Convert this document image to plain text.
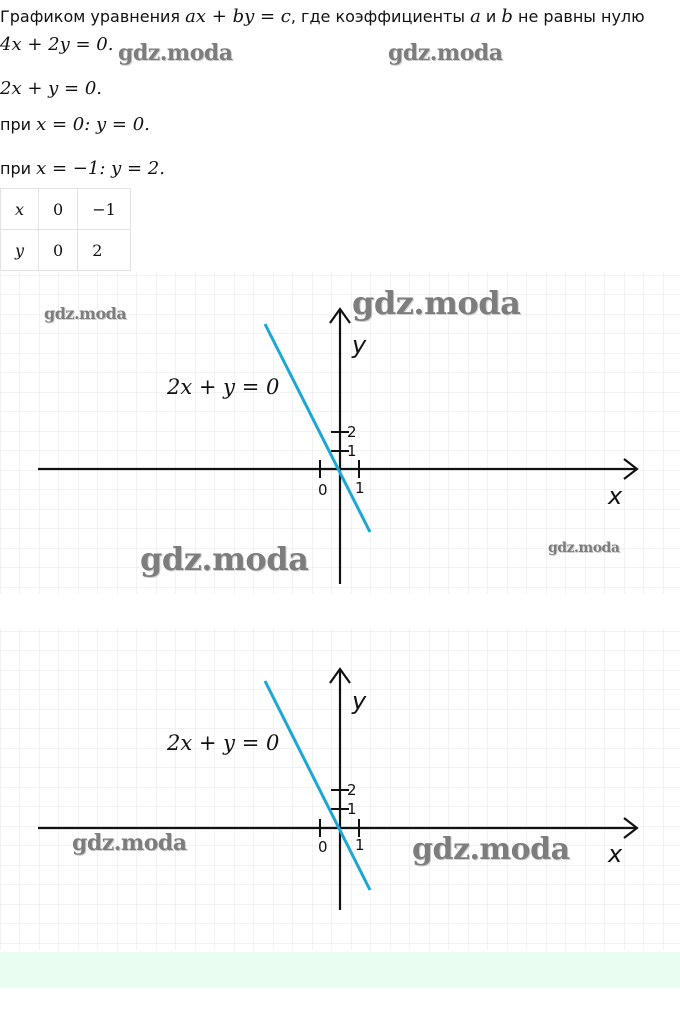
Графиком уравнения ax + by = c, где коэффициенты a и b не равны нулю
4x + 2y = 0. gdz.moda	gdz.moda
2x + y = 0.
при x = 0: y = 0.
при x = −1: y = 2.
x	0	−1
y	0	2
2x + y = 0
y
x
0 1
1
2
gdz.moda	gdz.moda
gdz.moda	gdz.moda
2x + y = 0
y
x
0 1
1
2
gdz.moda	gdz.moda
